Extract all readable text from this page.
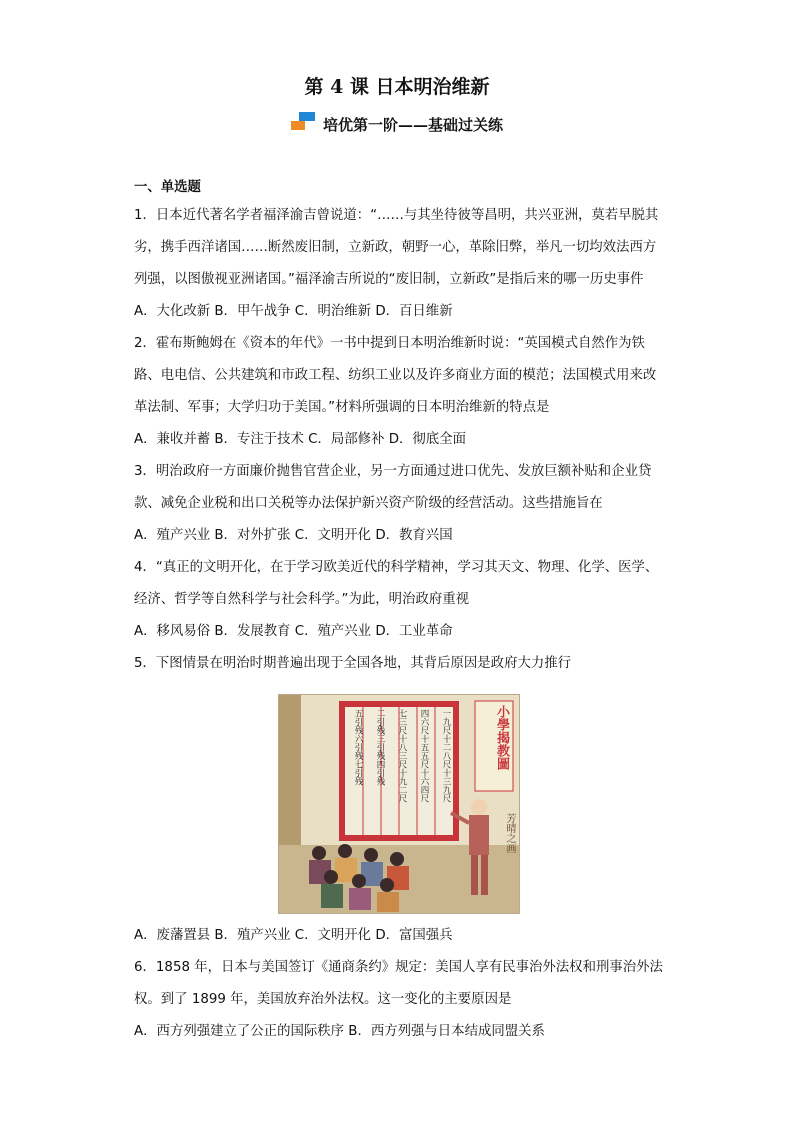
第 4 课 日本明治维新
培优第一阶——基础过关练
一、单选题

1．日本近代著名学者福泽渝吉曾说道：“……与其坐待彼等昌明，共兴亚洲，莫若早脱其劣，携手西洋诸国……断然废旧制，立新政，朝野一心，革除旧弊，举凡一切均效法西方列强，以图傲视亚洲诸国。”福泽渝吉所说的“废旧制，立新政”是指后来的哪一历史事件

A．大化改新 B．甲午战争 C．明治维新 D．百日维新

2．霍布斯鲍姆在《资本的年代》一书中提到日本明治维新时说：“英国模式自然作为铁路、电电信、公共建筑和市政工程、纺织工业以及许多商业方面的模范；法国模式用来改革法制、军事；大学归功于美国。”材料所强调的日本明治维新的特点是

A．兼收并蓄 B．专注于技术 C．局部修补 D．彻底全面

3．明治政府一方面廉价抛售官营企业，另一方面通过进口优先、发放巨额补贴和企业贷款、减免企业税和出口关税等办法保护新兴资产阶级的经营活动。这些措施旨在

A．殖产兴业 B．对外扩张 C．文明开化 D．教育兴国

4．“真正的文明开化，在于学习欧美近代的科学精神，学习其天文、物理、化学、医学、经济、哲学等自然科学与社会科学。”为此，明治政府重视

A．移风易俗 B．发展教育 C．殖产兴业 D．工业革命

5．下图情景在明治时期普遍出现于全国各地，其背后原因是政府大力推行

一九尺十二八尺十三九尺
四六尺十五五尺十六四尺
七三尺十八三尺十九二尺
二引残三引残四引残
五引残六引残七引残	小學揭教圖
芳晴之画

A．废藩置县 B．殖产兴业 C．文明开化 D．富国强兵

6．1858 年，日本与美国签订《通商条约》规定：美国人享有民事治外法权和刑事治外法权。到了 1899 年，美国放弃治外法权。这一变化的主要原因是

A．西方列强建立了公正的国际秩序 B．西方列强与日本结成同盟关系
